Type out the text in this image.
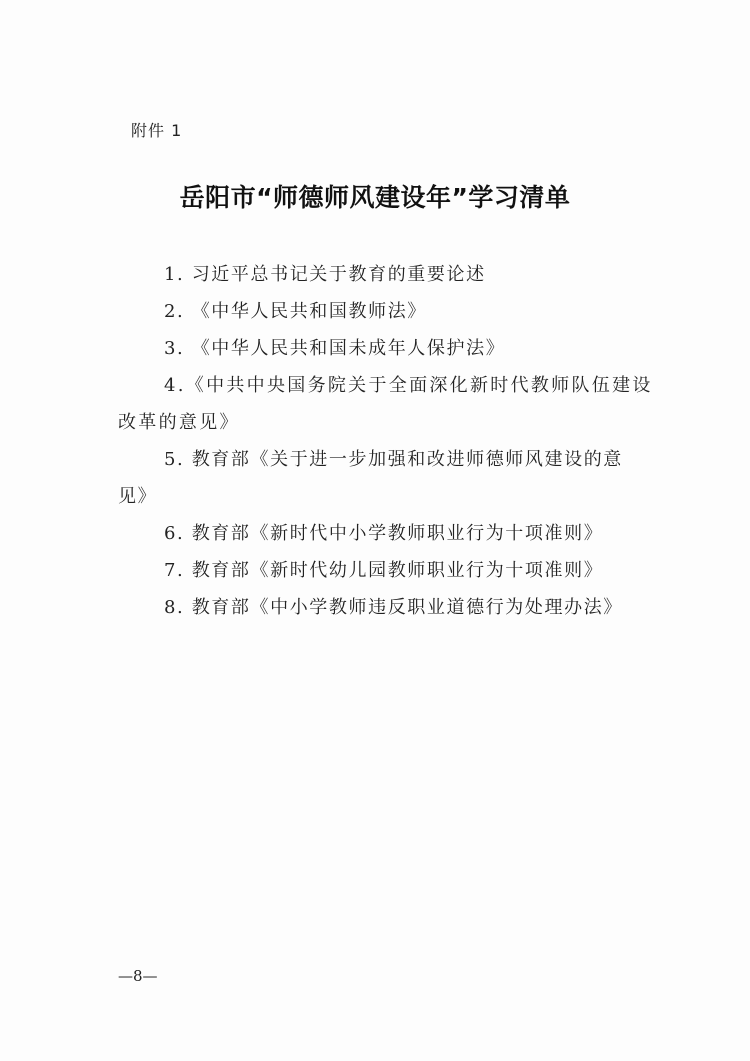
附件 1
岳阳市“师德师风建设年”学习清单
1. 习近平总书记关于教育的重要论述
2. 《中华人民共和国教师法》
3. 《中华人民共和国未成年人保护法》
4.《中共中央国务院关于全面深化新时代教师队伍建设改革的意见》
5. 教育部《关于进一步加强和改进师德师风建设的意见》
6. 教育部《新时代中小学教师职业行为十项准则》
7. 教育部《新时代幼儿园教师职业行为十项准则》
8. 教育部《中小学教师违反职业道德行为处理办法》
—8—
